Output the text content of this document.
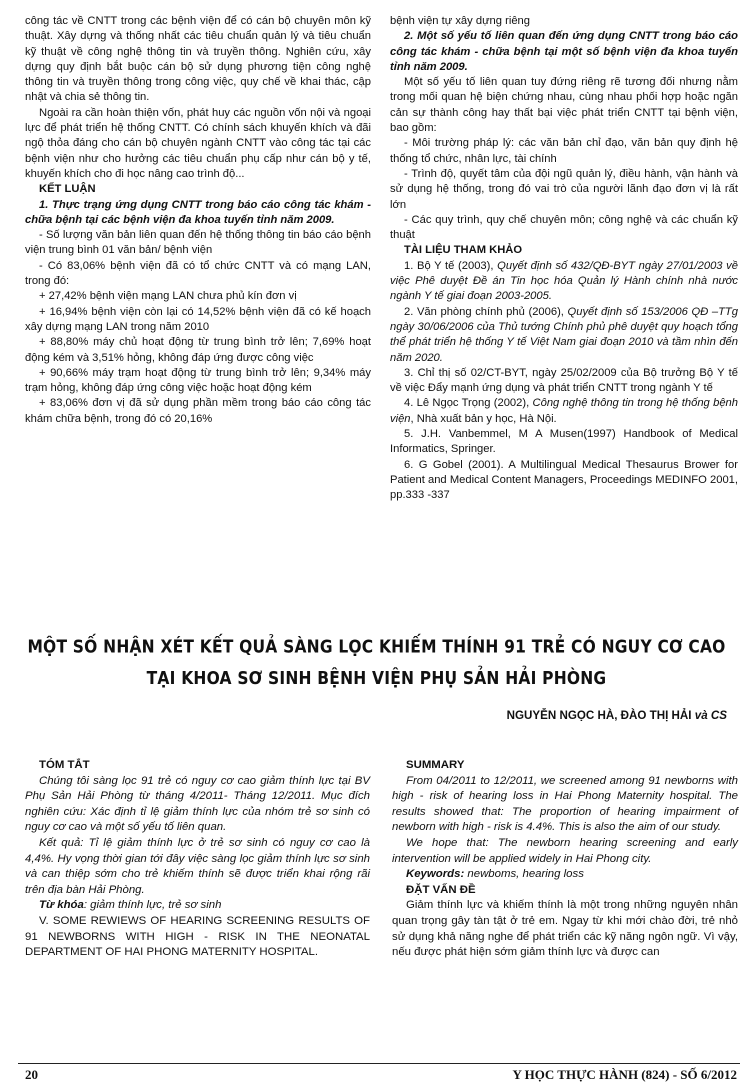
công tác về CNTT trong các bệnh viện để có cán bộ chuyên môn kỹ thuật. Xây dựng và thống nhất các tiêu chuẩn quản lý và tiêu chuẩn kỹ thuật về công nghệ thông tin và truyền thông. Nghiên cứu, xây dựng quy định bắt buộc cán bộ sử dụng phương tiện công nghệ thông tin và truyền thông trong công việc, quy chế về khai thác, cập nhật và chia sẻ thông tin.

Ngoài ra cần hoàn thiện vốn, phát huy các nguồn vốn nội và ngoại lực để phát triển hệ thống CNTT. Có chính sách khuyến khích và đãi ngộ thỏa đáng cho cán bộ chuyên ngành CNTT vào công tác tại các bệnh viện như cho hưởng các tiêu chuẩn phụ cấp như cán bộ y tế, khuyến khích cho đi học nâng cao trình độ...

KẾT LUẬN

1. Thực trạng ứng dụng CNTT trong báo cáo công tác khám - chữa bệnh tại các bệnh viện đa khoa tuyến tỉnh năm 2009.

- Số lượng văn bản liên quan đến hệ thống thông tin báo cáo bệnh viện trung bình 01 văn bản/ bệnh viện

- Có 83,06% bệnh viện đã có tổ chức CNTT và có mạng LAN, trong đó:

+ 27,42% bệnh viện mạng LAN chưa phủ kín đơn vị

+ 16,94% bệnh viện còn lại có 14,52% bệnh viện đã có kế hoạch xây dựng mạng LAN trong năm 2010

+ 88,80% máy chủ hoạt động từ trung bình trở lên; 7,69% hoạt động kém và 3,51% hỏng, không đáp ứng được công việc

+ 90,66% máy trạm hoạt động từ trung bình trở lên; 9,34% máy trạm hỏng, không đáp ứng công việc hoặc hoạt động kém

+ 83,06% đơn vị đã sử dụng phần mềm trong báo cáo công tác khám chữa bệnh, trong đó có 20,16%

bệnh viện tự xây dựng riêng

2. Một số yếu tố liên quan đến ứng dụng CNTT trong báo cáo công tác khám - chữa bệnh tại một số bệnh viện đa khoa tuyến tỉnh năm 2009.

Một số yếu tố liên quan tuy đứng riêng rẽ tương đối nhưng nằm trong mối quan hệ biện chứng nhau, cùng nhau phối hợp hoặc ngăn cản sự thành công hay thất bại việc phát triển CNTT tại bệnh viện, bao gồm:

- Môi trường pháp lý: các văn bản chỉ đạo, văn bản quy định hệ thống tổ chức, nhân lực, tài chính

- Trình độ, quyết tâm của đội ngũ quản lý, điều hành, vận hành và sử dụng hệ thống, trong đó vai trò của người lãnh đạo đơn vị là rất lớn

- Các quy trình, quy chế chuyên môn; công nghệ và các chuẩn kỹ thuật

TÀI LIỆU THAM KHẢO

1. Bộ Y tế (2003), Quyết định số 432/QĐ-BYT ngày 27/01/2003 về việc Phê duyệt Đề án Tin học hóa Quản lý Hành chính nhà nước ngành Y tế giai đoạn 2003-2005.

2. Văn phòng chính phủ (2006), Quyết định số 153/2006 QĐ –TTg ngày 30/06/2006 của Thủ tướng Chính phủ phê duyệt quy hoạch tổng thể phát triển hệ thống Y tế Việt Nam giai đoạn 2010 và tầm nhìn đến năm 2020.

3. Chỉ thị số 02/CT-BYT, ngày 25/02/2009 của Bộ trưởng Bộ Y tế về việc Đẩy mạnh ứng dụng và phát triển CNTT trong ngành Y tế

4. Lê Ngọc Trọng (2002), Công nghệ thông tin trong hệ thống bệnh viện, Nhà xuất bản y học, Hà Nội.

5. J.H. Vanbemmel, M A Musen(1997) Handbook of Medical Informatics, Springer.

6. G Gobel (2001). A Multilingual Medical Thesaurus Brower for Patient and Medical Content Managers, Proceedings MEDINFO 2001, pp.333 -337

MỘT SỐ NHẬN XÉT KẾT QUẢ SÀNG LỌC KHIẾM THÍNH 91 TRẺ CÓ NGUY CƠ CAO
TẠI KHOA SƠ SINH BỆNH VIỆN PHỤ SẢN HẢI PHÒNG
NGUYỄN NGỌC HÀ, ĐÀO THỊ HẢI và CS

TÓM TẮT

Chúng tôi sàng lọc 91 trẻ có nguy cơ cao giảm thính lực tại BV Phụ Sản Hải Phòng từ tháng 4/2011- Tháng 12/2011. Mục đích nghiên cứu: Xác định tỉ lệ giảm thính lực của nhóm trẻ sơ sinh có nguy cơ cao và một số yếu tố liên quan.

Kết quả: Tỉ lệ giảm thính lực ở trẻ sơ sinh có nguy cơ cao là 4,4%. Hy vọng thời gian tới đây việc sàng lọc giảm thính lực sơ sinh và can thiệp sớm cho trẻ khiếm thính sẽ được triển khai rộng rãi trên địa bàn Hải Phòng.

Từ khóa: giảm thính lực, trẻ sơ sinh

V. SOME REWIEWS OF HEARING SCREENING RESULTS OF 91 NEWBORNS WITH HIGH - RISK IN THE NEONATAL DEPARTMENT OF HAI PHONG MATERNITY HOSPITAL.

SUMMARY

From 04/2011 to 12/2011, we screened among 91 newborns with high - risk of hearing loss in Hai Phong Maternity hospital. The results showed that: The proportion of hearing impairment of newborn with high - risk is 4.4%. This is also the aim of our study.

We hope that: The newborn hearing screening and early intervention will be applied widely in Hai Phong city.

Keywords: newboms, hearing loss

ĐẶT VẤN ĐỀ

Giảm thính lực và khiếm thính là một trong những nguyên nhân quan trọng gây tàn tật ở trẻ em. Ngay từ khi mới chào đời, trẻ nhỏ sử dụng khả năng nghe để phát triển các kỹ năng ngôn ngữ. Vì vậy, nếu được phát hiện sớm giảm thính lực và được can

20	Y HỌC THỰC HÀNH (824) - SỐ 6/2012
